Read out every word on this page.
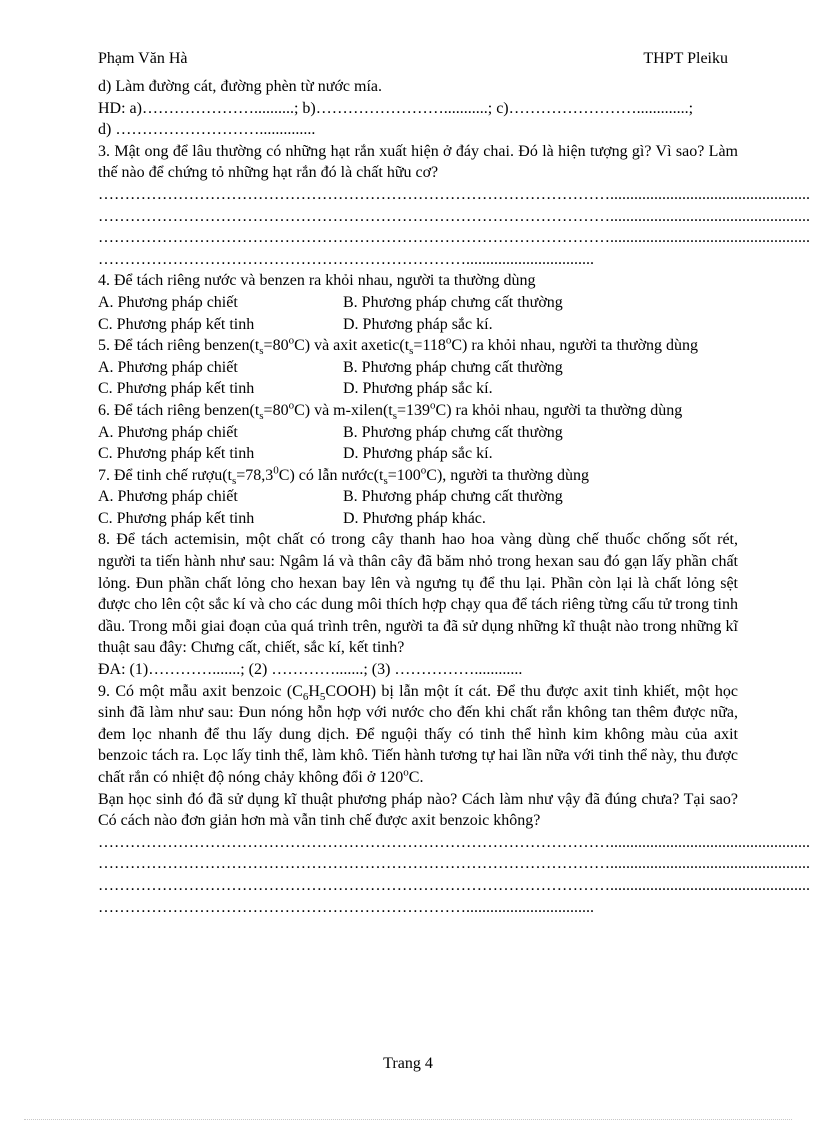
Phạm Văn Hà	THPT Pleiku

d) Làm đường cát, đường phèn từ nước mía.

HD: a)…………………..........; b)……………………...........; c)…………………….............;

d) ………………………..............

3. Mật ong để lâu thường có những hạt rắn xuất hiện ở đáy chai. Đó là hiện tượng gì? Vì sao? Làm thế nào để chứng tỏ những hạt rắn đó là chất hữu cơ?

……………………………………………………………………………………..................................................

……………………………………………………………………………………..................................................

……………………………………………………………………………………..................................................

……………………………………………………………................................

4. Để tách riêng nước và benzen ra khỏi nhau, người ta thường dùng

A. Phương pháp chiết	B. Phương pháp chưng cất thường
C. Phương pháp kết tinh	D. Phương pháp sắc kí.

5. Để tách riêng $benzen(t_s=80^oC)$ và axit $axetic(t_s=118^oC)$ ra khỏi nhau, người ta thường dùng

A. Phương pháp chiết	B. Phương pháp chưng cất thường
C. Phương pháp kết tinh	D. Phương pháp sắc kí.

6. Để tách riêng $benzen(t_s=80^oC)$ và $m-xilen(t_s=139^oC)$ ra khỏi nhau, người ta thường dùng

A. Phương pháp chiết	B. Phương pháp chưng cất thường
C. Phương pháp kết tinh	D. Phương pháp sắc kí.

7. Để tinh chế $rượu(t_s=78,3^0C)$ có lẫn $nước(t_s=100^oC)$, người ta thường dùng

A. Phương pháp chiết	B. Phương pháp chưng cất thường
C. Phương pháp kết tinh	D. Phương pháp khác.

8. Để tách actemisin, một chất có trong cây thanh hao hoa vàng dùng chế thuốc chống sốt rét, người ta tiến hành như sau: Ngâm lá và thân cây đã băm nhỏ trong hexan sau đó gạn lấy phần chất lỏng. Đun phần chất lỏng cho hexan bay lên và ngưng tụ để thu lại. Phần còn lại là chất lỏng sệt được cho lên cột sắc kí và cho các dung môi thích hợp chạy qua để tách riêng từng cấu tử trong tinh dầu. Trong mỗi giai đoạn của quá trình trên, người ta đã sử dụng những kĩ thuật nào trong những kĩ thuật sau đây: Chưng cất, chiết, sắc kí, kết tinh?

ĐA: (1)………….......; (2) ………….......; (3) ……………............

9. Có một mẫu axit benzoic $(C_6H_5COOH)$ bị lẫn một ít cát. Để thu được axit tinh khiết, một học sinh đã làm như sau: Đun nóng hỗn hợp với nước cho đến khi chất rắn không tan thêm được nữa, đem lọc nhanh để thu lấy dung dịch. Để nguội thấy có tinh thể hình kim không màu của axit benzoic tách ra. Lọc lấy tinh thể, làm khô. Tiến hành tương tự hai lần nữa với tinh thể này, thu được chất rắn có nhiệt độ nóng chảy không đổi ở 120$^o$C.

Bạn học sinh đó đã sử dụng kĩ thuật phương pháp nào? Cách làm như vậy đã đúng chưa? Tại sao? Có cách nào đơn giản hơn mà vẫn tinh chế được axit benzoic không?

……………………………………………………………………………………..................................................

……………………………………………………………………………………..................................................

……………………………………………………………………………………..................................................

……………………………………………………………................................

Trang 4
